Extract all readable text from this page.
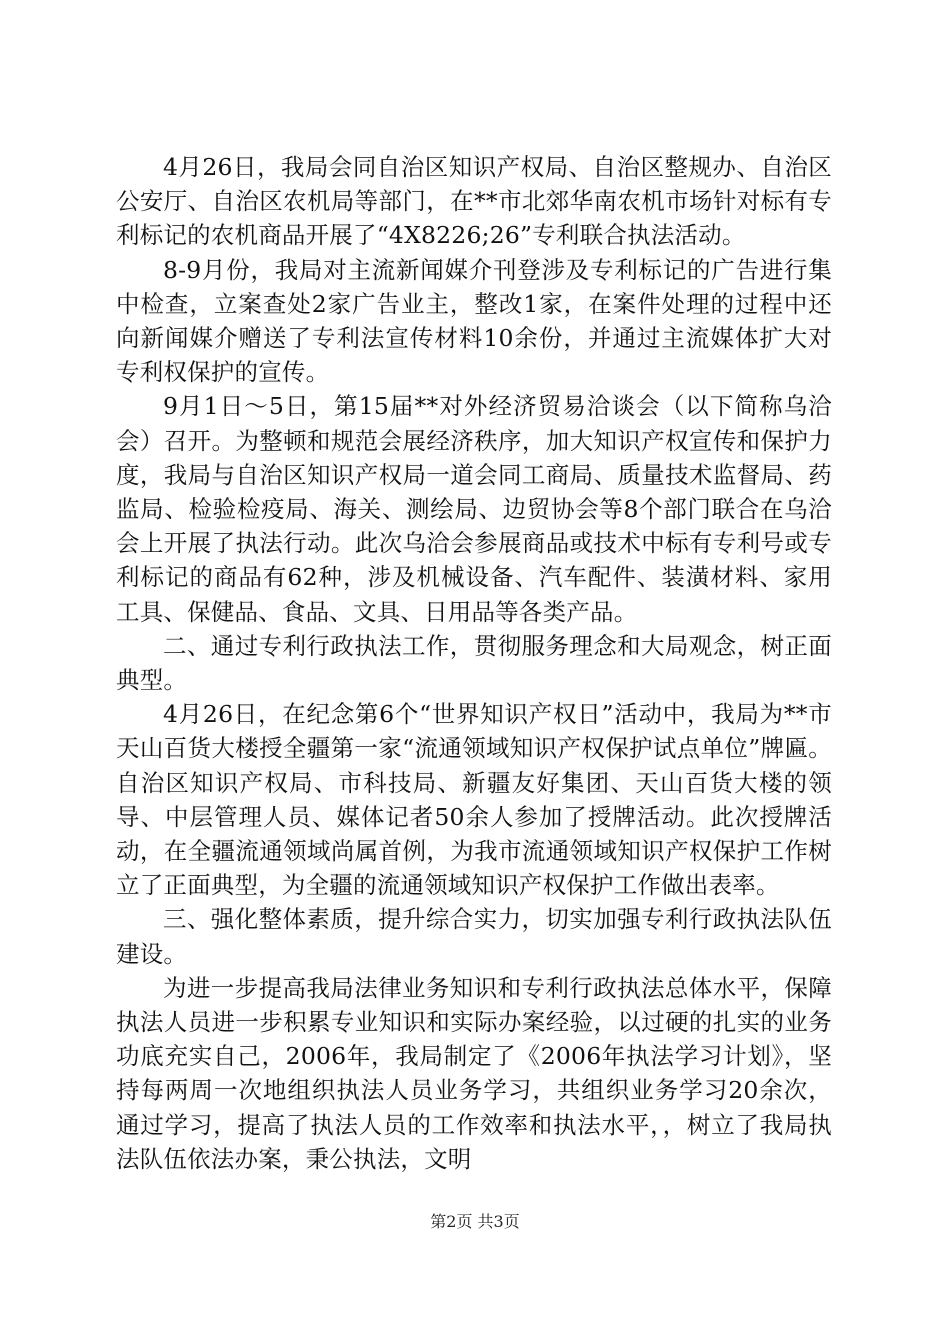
4月26日，我局会同自治区知识产权局、自治区整规办、自治区公安厅、自治区农机局等部门，在**市北郊华南农机市场针对标有专利标记的农机商品开展了“4X8226;26”专利联合执法活动。

8-9月份，我局对主流新闻媒介刊登涉及专利标记的广告进行集中检查，立案查处2家广告业主，整改1家，在案件处理的过程中还向新闻媒介赠送了专利法宣传材料10余份，并通过主流媒体扩大对专利权保护的宣传。

9月1日～5日，第15届**对外经济贸易洽谈会（以下简称乌洽会）召开。为整顿和规范会展经济秩序，加大知识产权宣传和保护力度，我局与自治区知识产权局一道会同工商局、质量技术监督局、药监局、检验检疫局、海关、测绘局、边贸协会等8个部门联合在乌洽会上开展了执法行动。此次乌洽会参展商品或技术中标有专利号或专利标记的商品有62种，涉及机械设备、汽车配件、装潢材料、家用工具、保健品、食品、文具、日用品等各类产品。

二、通过专利行政执法工作，贯彻服务理念和大局观念，树正面典型。

4月26日，在纪念第6个“世界知识产权日”活动中，我局为**市天山百货大楼授全疆第一家“流通领域知识产权保护试点单位”牌匾。自治区知识产权局、市科技局、新疆友好集团、天山百货大楼的领导、中层管理人员、媒体记者50余人参加了授牌活动。此次授牌活动，在全疆流通领域尚属首例，为我市流通领域知识产权保护工作树立了正面典型，为全疆的流通领域知识产权保护工作做出表率。

三、强化整体素质，提升综合实力，切实加强专利行政执法队伍建设。

为进一步提高我局法律业务知识和专利行政执法总体水平，保障执法人员进一步积累专业知识和实际办案经验，以过硬的扎实的业务功底充实自己，2006年，我局制定了《2006年执法学习计划》，坚持每两周一次地组织执法人员业务学习，共组织业务学习20余次，通过学习，提高了执法人员的工作效率和执法水平，，树立了我局执法队伍依法办案，秉公执法，文明

第2页 共3页
